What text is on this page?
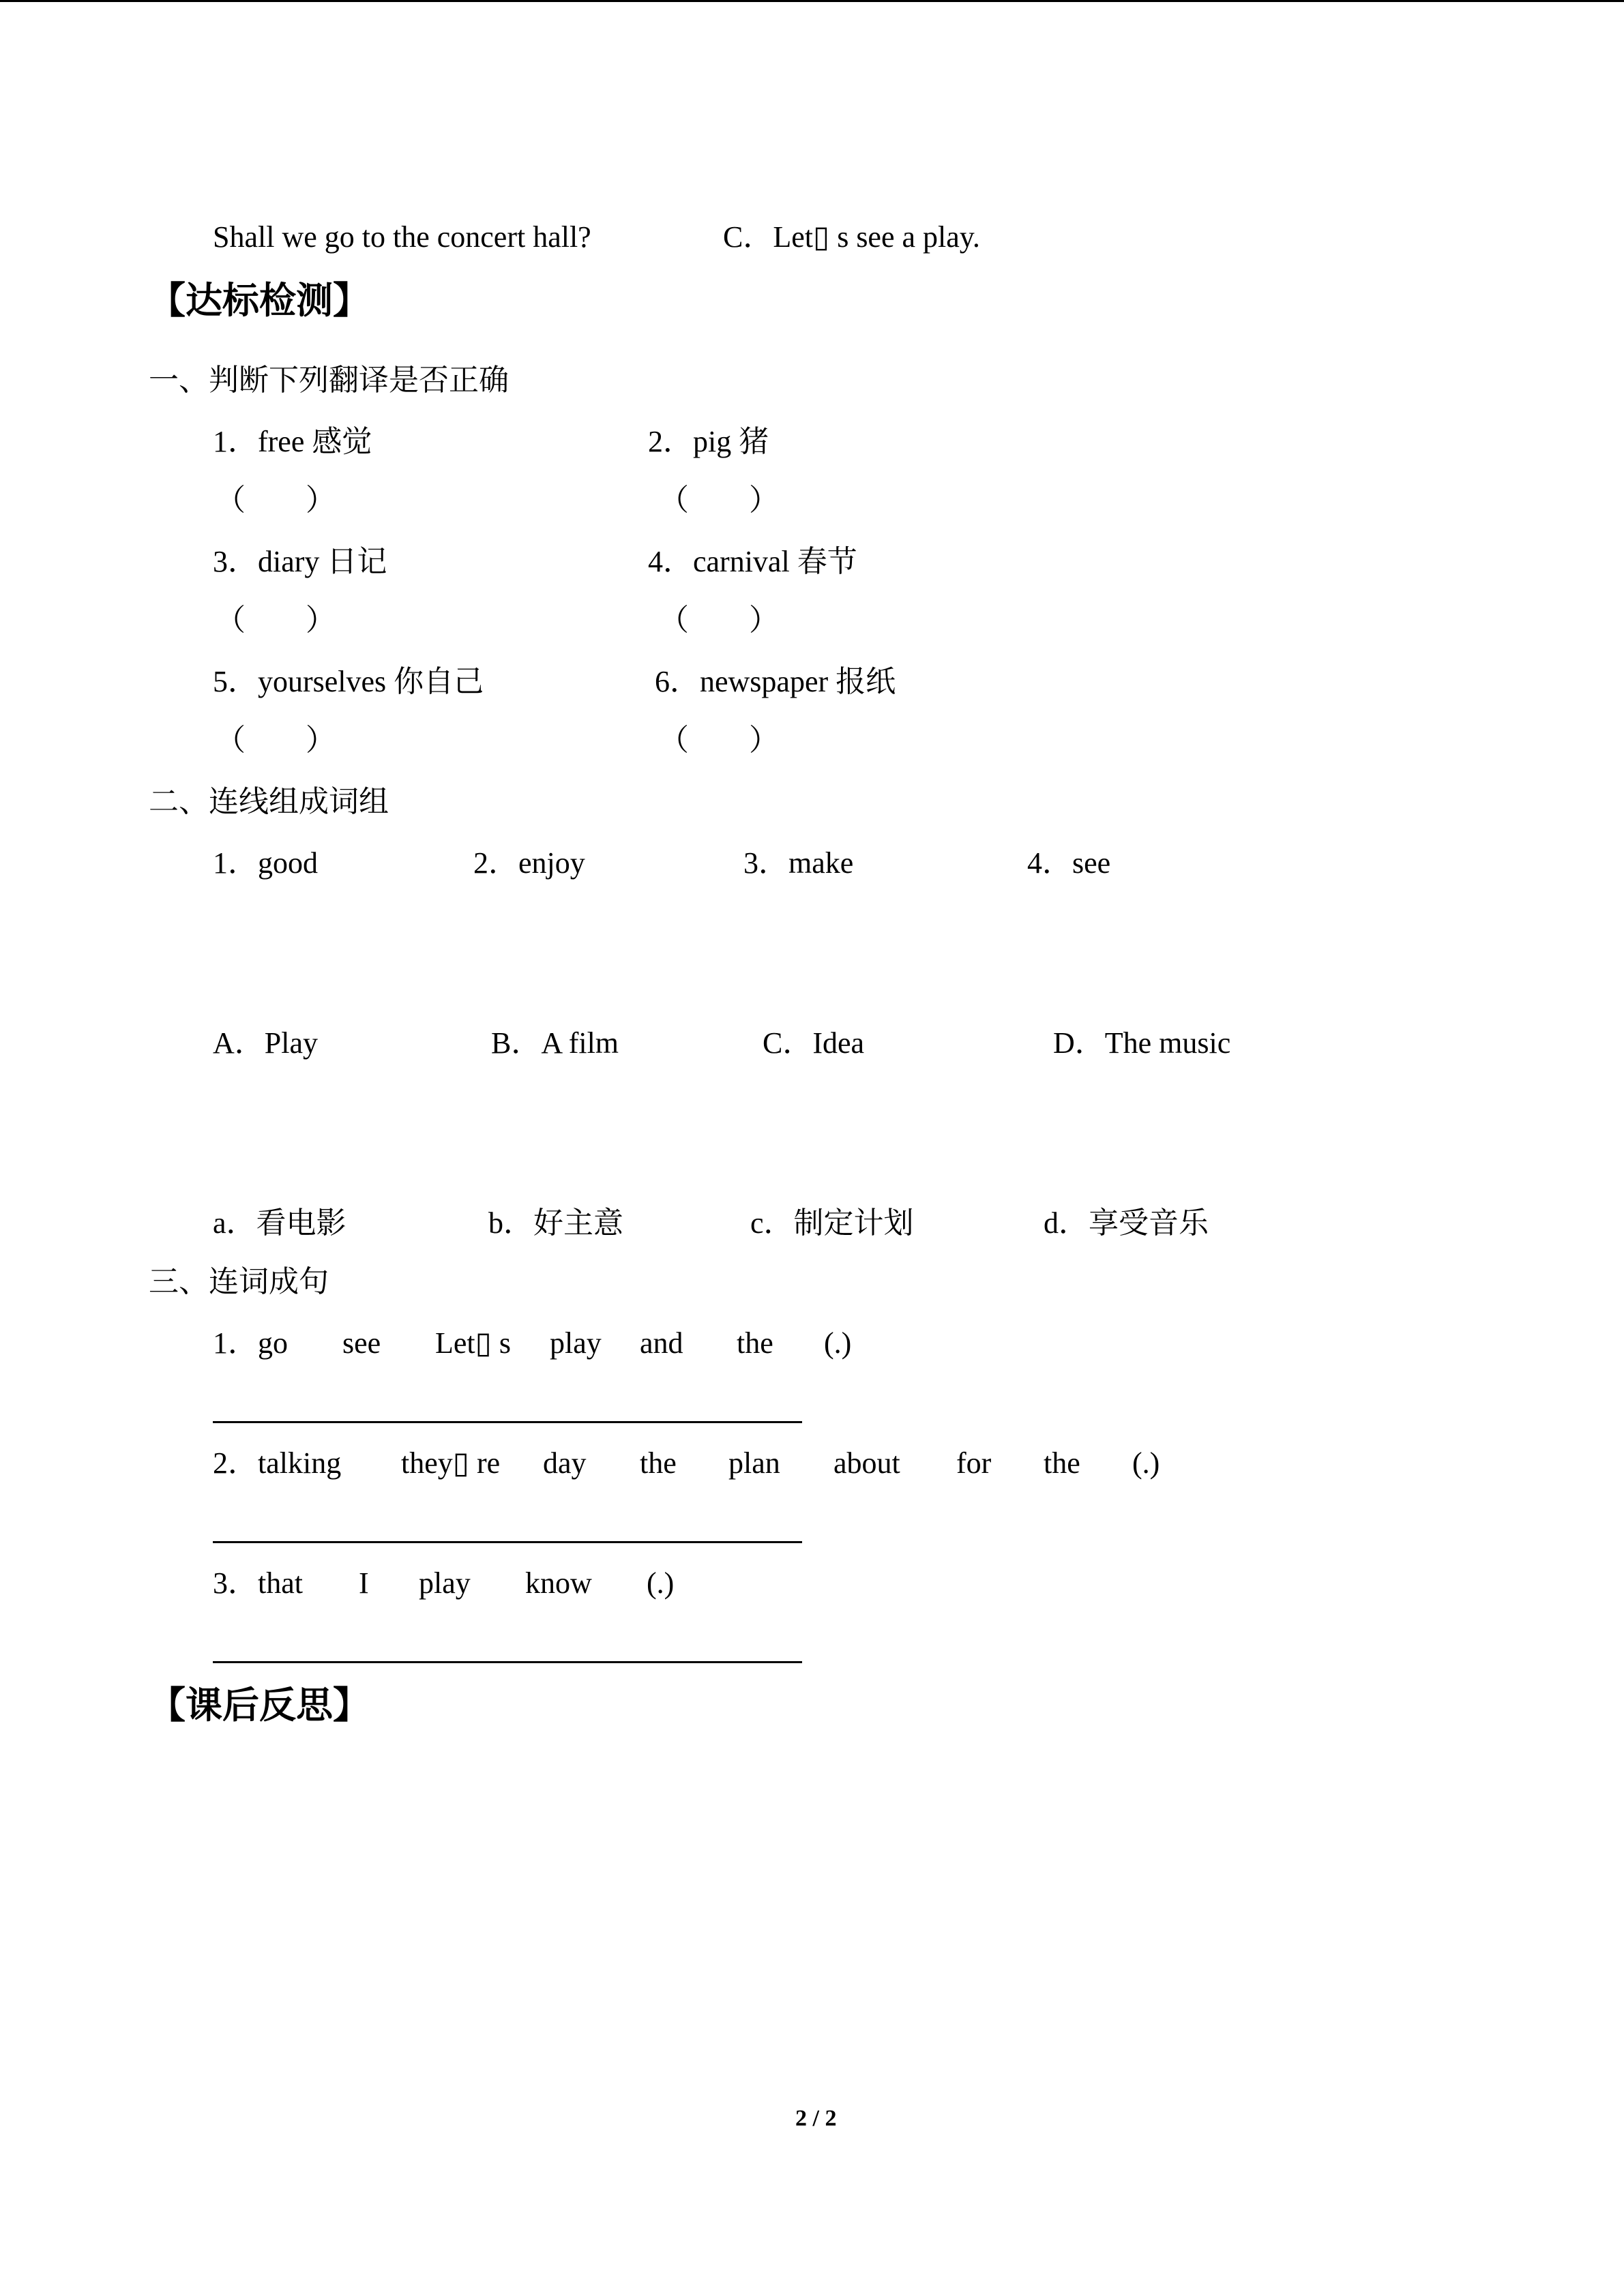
Shall we go to the concert hall?	C．Let▯ s see a play.
【达标检测】
一、判断下列翻译是否正确
1．free 感觉	2．pig 猪
（　　）	（　　）
3．diary 日记	4．carnival 春节
（　　）	（　　）
5．yourselves 你自己	6．newspaper 报纸
（　　）	（　　）
二、连线组成词组
1．good	2．enjoy	3．make	4．see
A．Play	B．A film	C．Idea	D．The music
a．看电影	b．好主意	c．制定计划	d．享受音乐
三、连词成句
1．go see Let▯ s play and the (.)
2．talking they▯ re day the plan about for the (.)
3．that I play know (.)
【课后反思】
2 / 2
